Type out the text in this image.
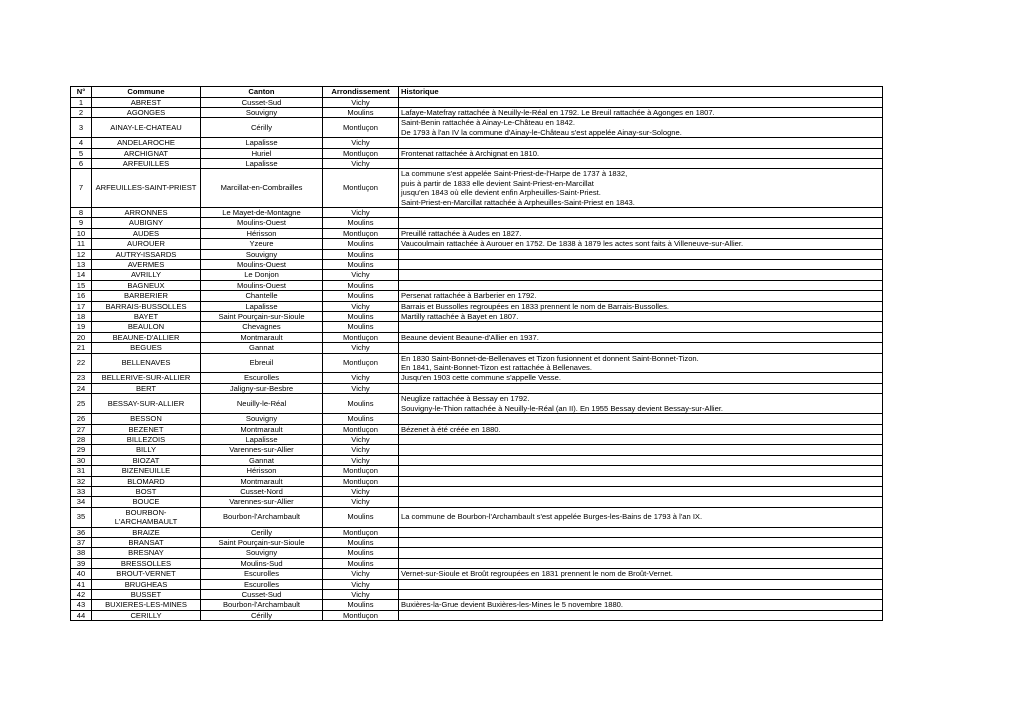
N°	Commune	Canton	Arrondissement	Historique
1	ABREST	Cusset-Sud	Vichy	
2	AGONGES	Souvigny	Moulins	Lafaye-Matefray rattachée à Neuilly-le-Réal en 1792. Le Breuil rattachée à Agonges en 1807.

3	AINAY-LE-CHATEAU	Cérilly	Montluçon	Saint-Benin rattachée à Ainay-Le-Château en 1842.
De 1793 à l'an IV la commune d'Ainay-le-Château s'est appelée Ainay-sur-Sologne.

4	ANDELAROCHE	Lapalisse	Vichy	
5	ARCHIGNAT	Huriel	Montluçon	Frontenat rattachée à Archignat en 1810.

6	ARFEUILLES	Lapalisse	Vichy	
7	ARFEUILLES-SAINT-PRIEST	Marcillat-en-Combrailles	Montluçon	La commune s'est appelée Saint-Priest-de-l'Harpe de 1737 à 1832,
puis à partir de 1833 elle devient Saint-Priest-en-Marcillat
jusqu'en 1843 où elle devient enfin Arpheuilles-Saint-Priest.
Saint-Priest-en-Marcillat rattachée à Arpheuilles-Saint-Priest en 1843.

8	ARRONNES	Le Mayet-de-Montagne	Vichy	
9	AUBIGNY	Moulins-Ouest	Moulins	
10	AUDES	Hérisson	Montluçon	Preuillé rattachée à Audes en 1827.

11	AUROUER	Yzeure	Moulins	Vaucoulmain rattachée à Aurouer en 1752. De 1838 à 1879 les actes sont faits à Villeneuve-sur-Allier.

12	AUTRY-ISSARDS	Souvigny	Moulins	
13	AVERMES	Moulins-Ouest	Moulins	
14	AVRILLY	Le Donjon	Vichy	
15	BAGNEUX	Moulins-Ouest	Moulins	
16	BARBERIER	Chantelle	Moulins	Persenat rattachée à Barberier en 1792.

17	BARRAIS-BUSSOLLES	Lapalisse	Vichy	Barrais et Bussolles regroupées en 1833 prennent le nom de Barrais-Bussolles.

18	BAYET	Saint Pourçain-sur-Sioule	Moulins	Martilly rattachée à Bayet en 1807.

19	BEAULON	Chevagnes	Moulins	
20	BEAUNE-D'ALLIER	Montmarault	Montluçon	Beaune devient Beaune-d'Allier en 1937.

21	BEGUES	Gannat	Vichy	
22	BELLENAVES	Ebreuil	Montluçon	En 1830 Saint-Bonnet-de-Bellenaves et Tizon fusionnent et donnent Saint-Bonnet-Tizon.
En 1841, Saint-Bonnet-Tizon est rattachée à Bellenaves.

23	BELLERIVE-SUR-ALLIER	Escurolles	Vichy	Jusqu'en 1903 cette commune s'appelle Vesse.

24	BERT	Jaligny-sur-Besbre	Vichy	
25	BESSAY-SUR-ALLIER	Neuilly-le-Réal	Moulins	Neuglize rattachée à Bessay en 1792.
Souvigny-le-Thion rattachée à Neuilly-le-Réal (an II). En 1955 Bessay devient Bessay-sur-Allier.

26	BESSON	Souvigny	Moulins	
27	BEZENET	Montmarault	Montluçon	Bézenet à été créée en 1880.

28	BILLEZOIS	Lapalisse	Vichy	
29	BILLY	Varennes-sur-Allier	Vichy	
30	BIOZAT	Gannat	Vichy	
31	BIZENEUILLE	Hérisson	Montluçon	
32	BLOMARD	Montmarault	Montluçon	
33	BOST	Cusset-Nord	Vichy	
34	BOUCE	Varennes-sur-Allier	Vichy	
35	BOURBON-
L'ARCHAMBAULT	Bourbon-l'Archambault	Moulins	La commune de Bourbon-l'Archambault s'est appelée Burges-les-Bains de 1793 à l'an IX.

36	BRAIZE	Cerilly	Montluçon	
37	BRANSAT	Saint Pourçain-sur-Sioule	Moulins	
38	BRESNAY	Souvigny	Moulins	
39	BRESSOLLES	Moulins-Sud	Moulins	
40	BROUT-VERNET	Escurolles	Vichy	Vernet-sur-Sioule et Broût regroupées en 1831 prennent le nom de Broût-Vernet.

41	BRUGHEAS	Escurolles	Vichy	
42	BUSSET	Cusset-Sud	Vichy	
43	BUXIERES-LES-MINES	Bourbon-l'Archambault	Moulins	Buxières-la-Grue devient Buxières-les-Mines le 5 novembre 1880.

44	CERILLY	Cérilly	Montluçon	
